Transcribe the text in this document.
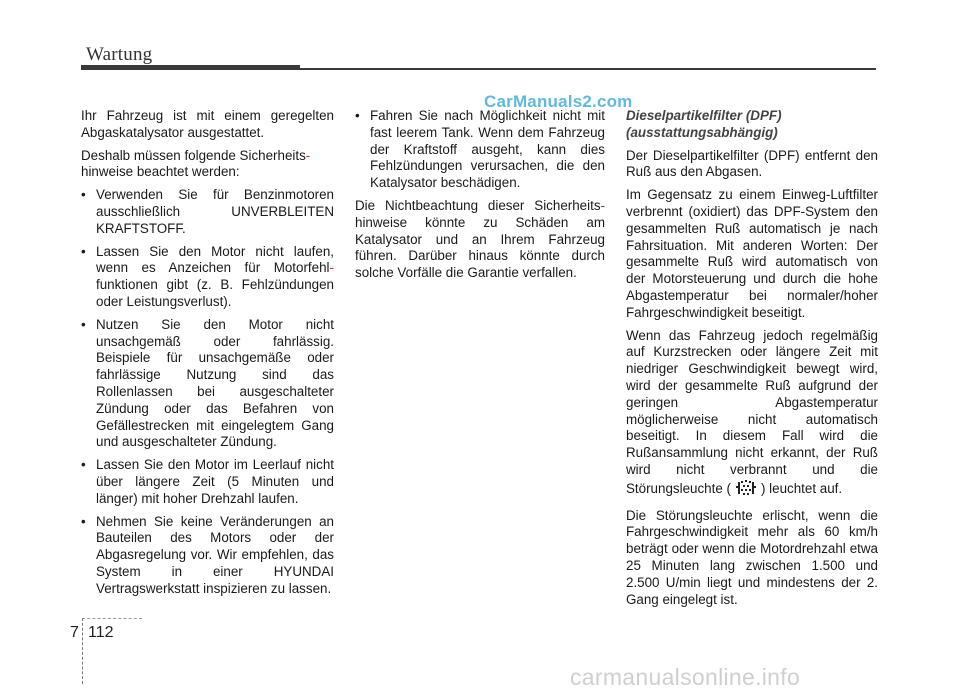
Wartung
CarManuals2.com

Ihr Fahrzeug ist mit einem geregelten Abgaskatalysator ausgestattet.

Deshalb müssen folgende Sicherheits-
hinweise beachtet werden:

• Verwenden Sie für Benzinmotoren ausschließlich UNVERBLEITEN KRAFTSTOFF.
• Lassen Sie den Motor nicht laufen, wenn es Anzeichen für Motorfehl- funktionen gibt (z. B. Fehlzündungen oder Leistungsverlust).
• Nutzen Sie den Motor nicht unsachgemäß oder fahrlässig. Beispiele für unsachgemäße oder fahrlässige Nutzung sind das Rollenlassen bei ausgeschalteter Zündung oder das Befahren von Gefällestrecken mit eingelegtem Gang und ausgeschalteter Zündung.
• Lassen Sie den Motor im Leerlauf nicht über längere Zeit (5 Minuten und länger) mit hoher Drehzahl laufen.
• Nehmen Sie keine Veränderungen an Bauteilen des Motors oder der Abgasregelung vor. Wir empfehlen, das System in einer HYUNDAI Vertragswerkstatt inspizieren zu lassen.
• Fahren Sie nach Möglichkeit nicht mit fast leerem Tank. Wenn dem Fahrzeug der Kraftstoff ausgeht, kann dies Fehlzündungen verursachen, die den Katalysator beschädigen.

Die Nichtbeachtung dieser Sicherheits- hinweise könnte zu Schäden am Katalysator und an Ihrem Fahrzeug führen. Darüber hinaus könnte durch solche Vorfälle die Garantie verfallen.

Dieselpartikelfilter (DPF)
(ausstattungsabhängig)

Der Dieselpartikelfilter (DPF) entfernt den Ruß aus den Abgasen.

Im Gegensatz zu einem Einweg-Luftfilter verbrennt (oxidiert) das DPF-System den gesammelten Ruß automatisch je nach Fahrsituation. Mit anderen Worten: Der gesammelte Ruß wird automatisch von der Motorsteuerung und durch die hohe Abgastemperatur bei normaler/hoher Fahrgeschwindigkeit beseitigt.

Wenn das Fahrzeug jedoch regelmäßig auf Kurzstrecken oder längere Zeit mit niedriger Geschwindigkeit bewegt wird, wird der gesammelte Ruß aufgrund der geringen Abgastemperatur möglicherweise nicht automatisch beseitigt. In diesem Fall wird die Rußansammlung nicht erkannt, der Ruß wird nicht verbrannt und die Störungsleuchte ( ) leuchtet auf.

Die Störungsleuchte erlischt, wenn die Fahrgeschwindigkeit mehr als 60 km/h beträgt oder wenn die Motordrehzahl etwa 25 Minuten lang zwischen 1.500 und 2.500 U/min liegt und mindestens der 2. Gang eingelegt ist.

7 112
carmanualsonline.info
